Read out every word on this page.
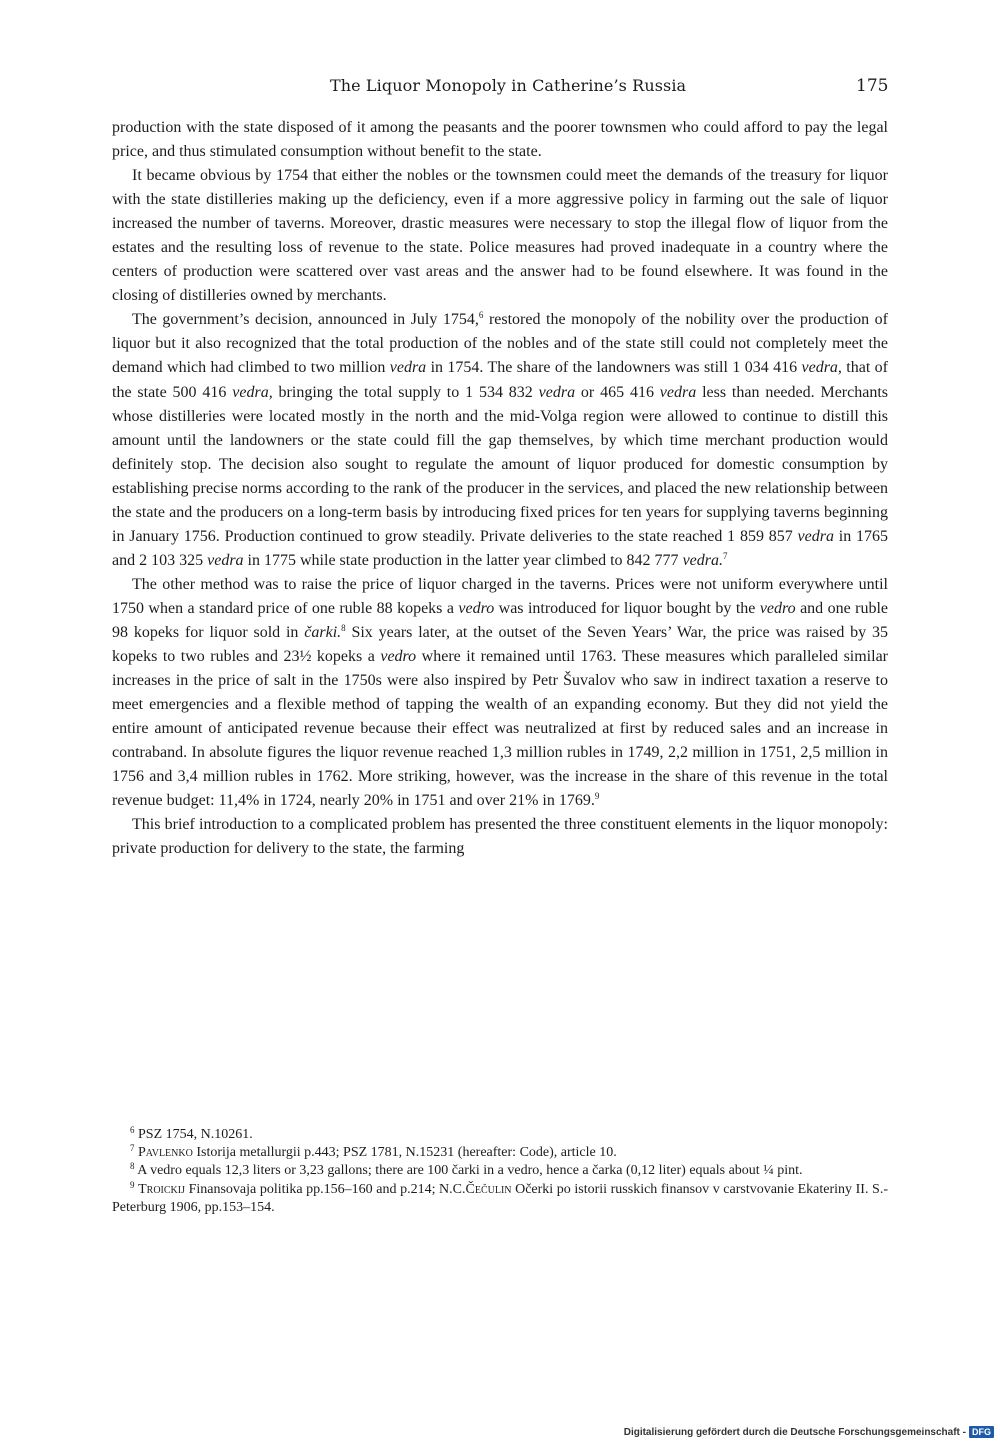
The Liquor Monopoly in Catherine’s Russia	175

production with the state disposed of it among the peasants and the poorer townsmen who could afford to pay the legal price, and thus stimulated consumption without benefit to the state.

It became obvious by 1754 that either the nobles or the townsmen could meet the demands of the treasury for liquor with the state distilleries making up the deficiency, even if a more aggressive policy in farming out the sale of liquor increased the number of taverns. Moreover, drastic measures were necessary to stop the illegal flow of liquor from the estates and the resulting loss of revenue to the state. Police measures had proved inadequate in a country where the centers of production were scattered over vast areas and the answer had to be found elsewhere. It was found in the closing of distilleries owned by merchants.

The government’s decision, announced in July 1754,$^6$ restored the monopoly of the nobility over the production of liquor but it also recognized that the total production of the nobles and of the state still could not completely meet the demand which had climbed to two million vedra in 1754. The share of the landowners was still 1 034 416 vedra, that of the state 500 416 vedra, bringing the total supply to 1 534 832 vedra or 465 416 vedra less than needed. Merchants whose distilleries were located mostly in the north and the mid-Volga region were allowed to continue to distill this amount until the landowners or the state could fill the gap themselves, by which time merchant production would definitely stop. The decision also sought to regulate the amount of liquor produced for domestic consumption by establishing precise norms according to the rank of the producer in the services, and placed the new relationship between the state and the producers on a long-term basis by introducing fixed prices for ten years for supplying taverns beginning in January 1756. Production continued to grow steadily. Private deliveries to the state reached 1 859 857 vedra in 1765 and 2 103 325 vedra in 1775 while state production in the latter year climbed to 842 777 vedra.$^7$

The other method was to raise the price of liquor charged in the taverns. Prices were not uniform everywhere until 1750 when a standard price of one ruble 88 kopeks a vedro was introduced for liquor bought by the vedro and one ruble 98 kopeks for liquor sold in čarki.$^8$ Six years later, at the outset of the Seven Years’ War, the price was raised by 35 kopeks to two rubles and 23½ kopeks a vedro where it remained until 1763. These measures which paralleled similar increases in the price of salt in the 1750s were also inspired by Petr Šuvalov who saw in indirect taxation a reserve to meet emergencies and a flexible method of tapping the wealth of an expanding economy. But they did not yield the entire amount of anticipated revenue because their effect was neutralized at first by reduced sales and an increase in contraband. In absolute figures the liquor revenue reached 1,3 million rubles in 1749, 2,2 million in 1751, 2,5 million in 1756 and 3,4 million rubles in 1762. More striking, however, was the increase in the share of this revenue in the total revenue budget: 11,4% in 1724, nearly 20% in 1751 and over 21% in 1769.$^9$

This brief introduction to a complicated problem has presented the three constituent elements in the liquor monopoly: private production for delivery to the state, the farming

$^6$ PSZ 1754, N.10261.

$^7$ Pavlenko Istorija metallurgii p.443; PSZ 1781, N.15231 (hereafter: Code), article 10.

$^8$ A vedro equals 12,3 liters or 3,23 gallons; there are 100 čarki in a vedro, hence a čarka (0,12 liter) equals about ¼ pint.

$^9$ Troickij Finansovaja politika pp.156–160 and p.214; N.C.Čečulin Očerki po istorii russkich finansov v carstvovanie Ekateriny II. S.-Peterburg 1906, pp.153–154.

Digitalisierung gefördert durch die Deutsche Forschungsgemeinschaft - DFG
